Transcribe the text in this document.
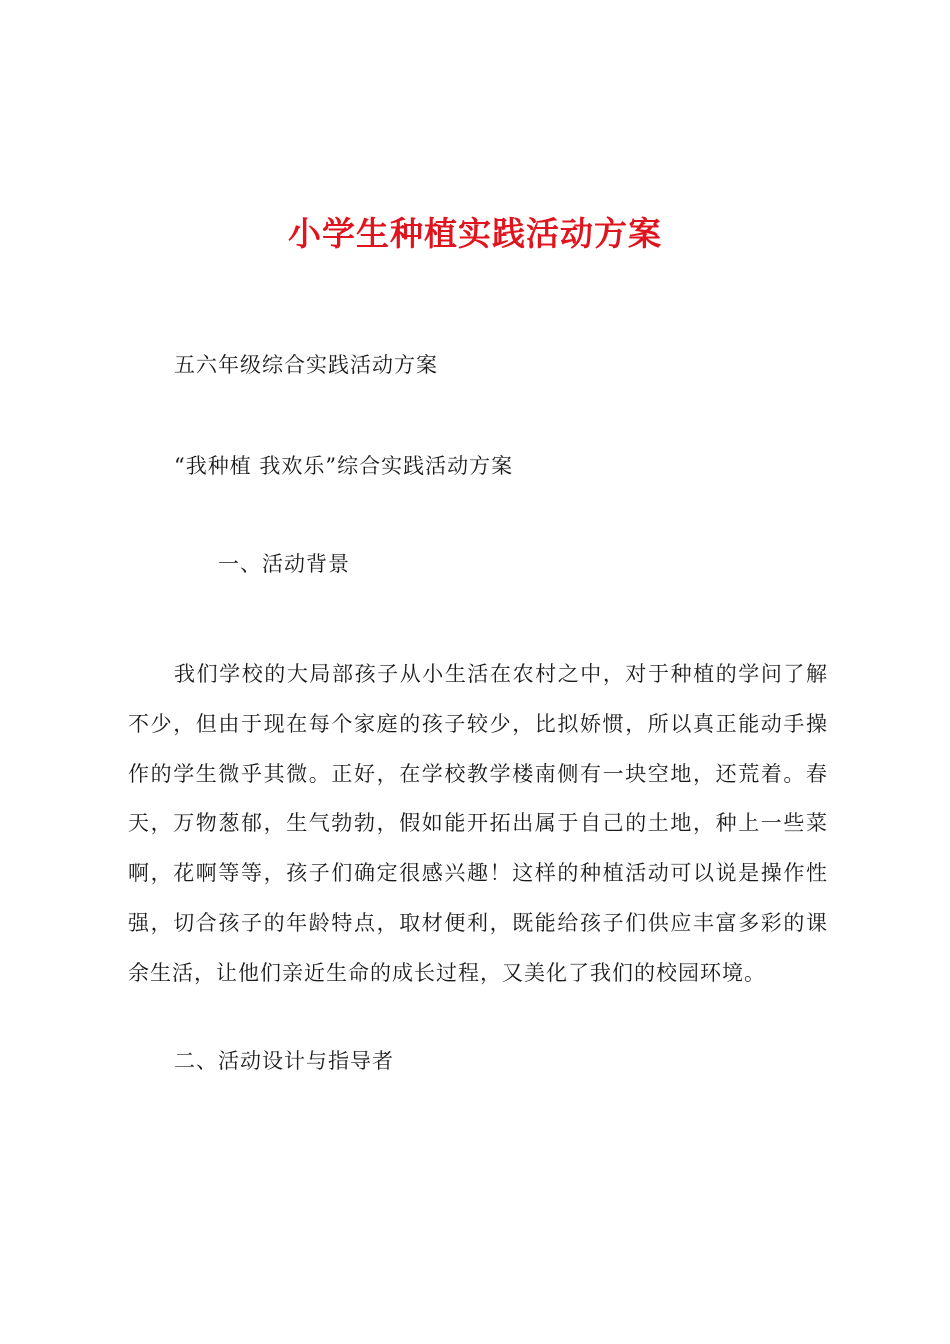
小学生种植实践活动方案
五六年级综合实践活动方案
“我种植 我欢乐”综合实践活动方案
一、活动背景
我们学校的大局部孩子从小生活在农村之中，对于种植的学问了解
不少，但由于现在每个家庭的孩子较少，比拟娇惯，所以真正能动手操
作的学生微乎其微。正好，在学校教学楼南侧有一块空地，还荒着。春
天，万物葱郁，生气勃勃，假如能开拓出属于自己的土地，种上一些菜
啊，花啊等等，孩子们确定很感兴趣！这样的种植活动可以说是操作性
强，切合孩子的年龄特点，取材便利，既能给孩子们供应丰富多彩的课
余生活，让他们亲近生命的成长过程，又美化了我们的校园环境。
二、活动设计与指导者
